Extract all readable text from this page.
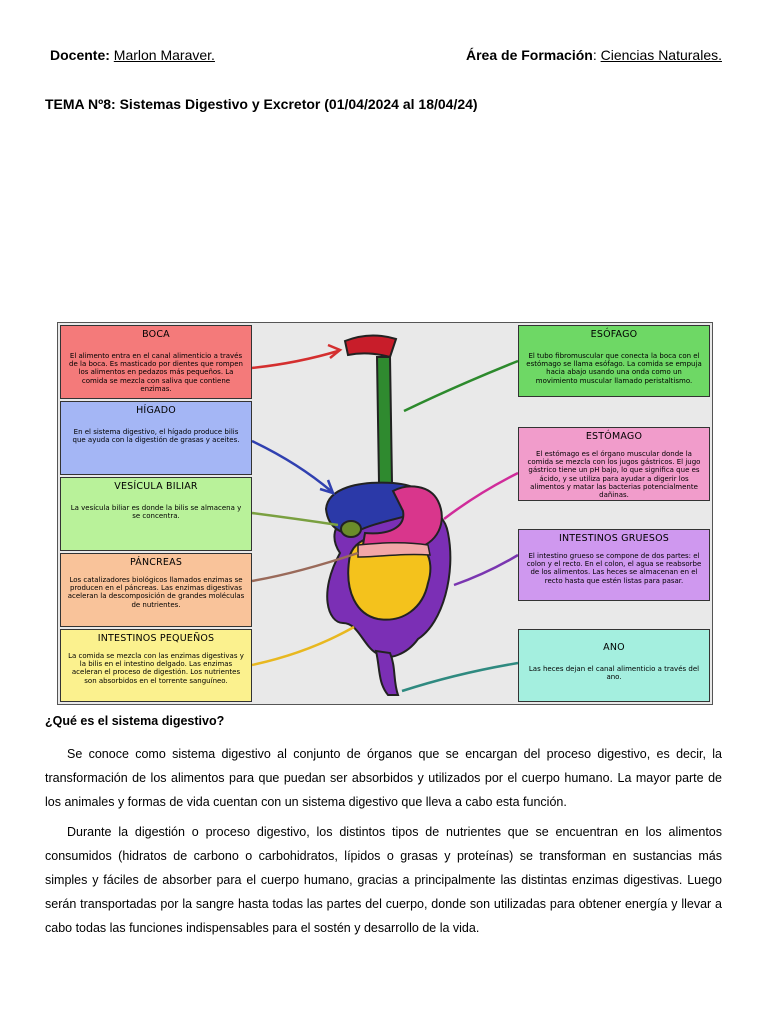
Docente: Marlon Maraver.	Área de Formación: Ciencias Naturales.
TEMA Nº8: Sistemas Digestivo y Excretor (01/04/2024 al 18/04/24)
BOCA
El alimento entra en el canal alimenticio a través de la boca. Es masticado por dientes que rompen los alimentos en pedazos más pequeños. La comida se mezcla con saliva que contiene enzimas.
HÍGADO
En el sistema digestivo, el hígado produce bilis que ayuda con la digestión de grasas y aceites.
VESÍCULA BILIAR
La vesícula biliar es donde la bilis se almacena y se concentra.
PÁNCREAS
Los catalizadores biológicos llamados enzimas se producen en el páncreas. Las enzimas digestivas aceleran la descomposición de grandes moléculas de nutrientes.
INTESTINOS PEQUEÑOS
La comida se mezcla con las enzimas digestivas y la bilis en el intestino delgado. Las enzimas aceleran el proceso de digestión. Los nutrientes son absorbidos en el torrente sanguíneo.
ESÓFAGO
El tubo fibromuscular que conecta la boca con el estómago se llama esófago. La comida se empuja hacia abajo usando una onda como un movimiento muscular llamado peristaltismo.
ESTÓMAGO
El estómago es el órgano muscular donde la comida se mezcla con los jugos gástricos. El jugo gástrico tiene un pH bajo, lo que significa que es ácido, y se utiliza para ayudar a digerir los alimentos y matar las bacterias potencialmente dañinas.
INTESTINOS GRUESOS
El intestino grueso se compone de dos partes: el colon y el recto. En el colon, el agua se reabsorbe de los alimentos. Las heces se almacenan en el recto hasta que estén listas para pasar.
ANO
Las heces dejan el canal alimenticio a través del ano.
¿Qué es el sistema digestivo?

Se conoce como sistema digestivo al conjunto de órganos que se encargan del proceso digestivo, es decir, la transformación de los alimentos para que puedan ser absorbidos y utilizados por el cuerpo humano. La mayor parte de los animales y formas de vida cuentan con un sistema digestivo que lleva a cabo esta función.

Durante la digestión o proceso digestivo, los distintos tipos de nutrientes que se encuentran en los alimentos consumidos (hidratos de carbono o carbohidratos, lípidos o grasas y proteínas) se transforman en sustancias más simples y fáciles de absorber para el cuerpo humano, gracias a principalmente las distintas enzimas digestivas. Luego serán transportadas por la sangre hasta todas las partes del cuerpo, donde son utilizadas para obtener energía y llevar a cabo todas las funciones indispensables para el sostén y desarrollo de la vida.
